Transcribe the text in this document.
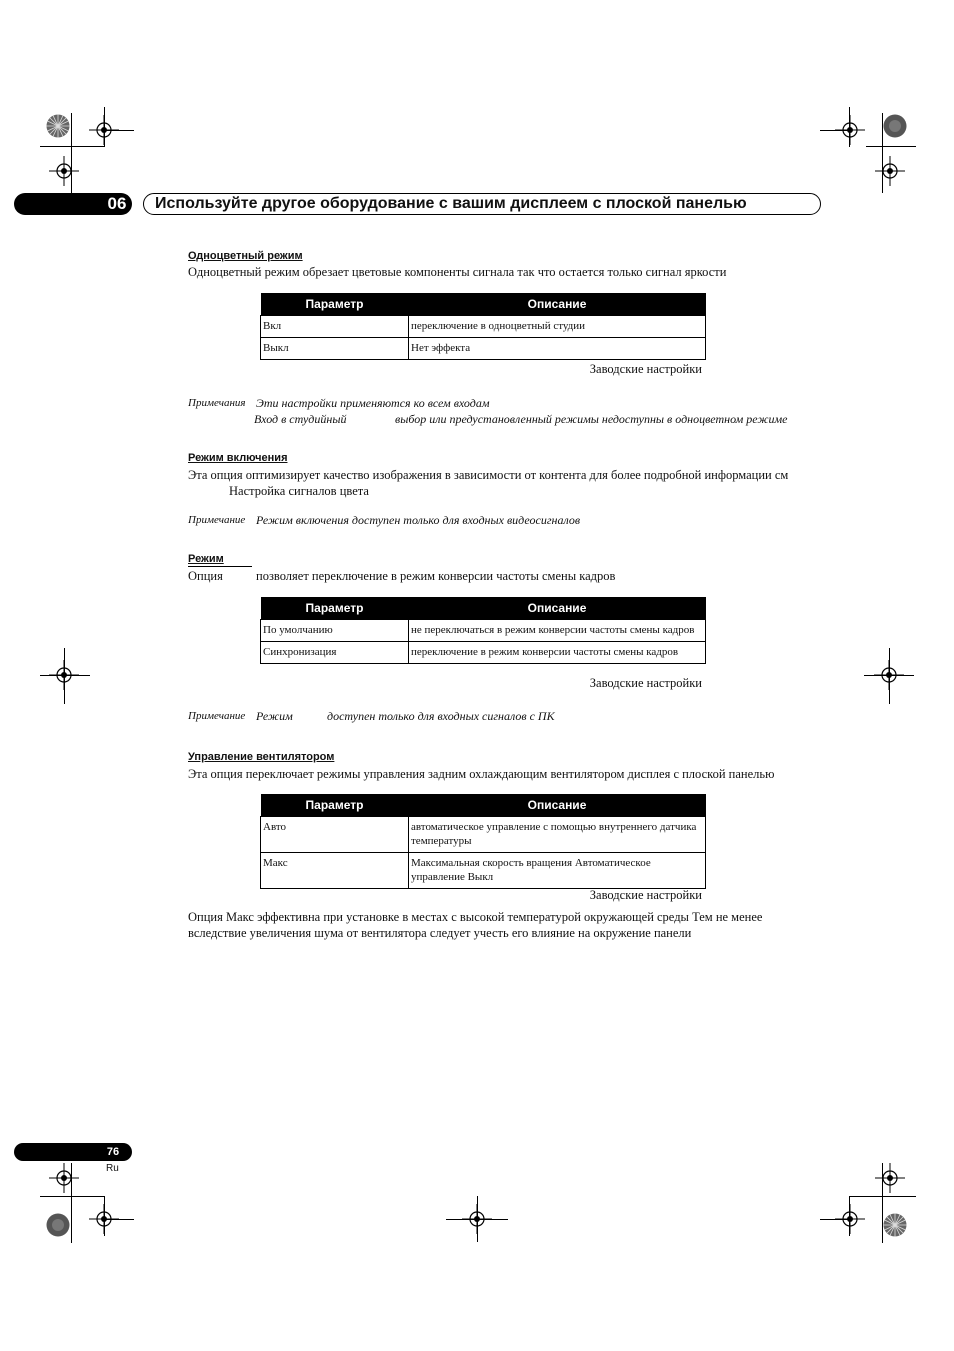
06	Используйте другое оборудование с вашим дисплеем с плоской панелью
Одноцветный режим
Одноцветный режим обрезает цветовые компоненты сигнала так что остается только сигнал яркости
Параметр	Описание
Вкл	переключение в одноцветный студии
Выкл	Нет эффекта
Заводские настройки
Примечания Эти настройки применяются ко всем входам
Вход в студийный	выбор или предустановленный режимы недоступны в одноцветном режиме
Режим включения
Эта опция оптимизирует качество изображения в зависимости от контента для более подробной информации см
Настройка сигналов цвета
Примечание Режим включения доступен только для входных видеосигналов
Режим
Опция	позволяет переключение в режим конверсии частоты смены кадров
Параметр	Описание
По умолчанию	не переключаться в режим конверсии частоты смены кадров
Синхронизация	переключение в режим конверсии частоты смены кадров
Заводские настройки
Примечание Режим	доступен только для входных сигналов с ПК
Управление вентилятором
Эта опция переключает режимы управления задним охлаждающим вентилятором дисплея с плоской панелью
Параметр	Описание
Авто	автоматическое управление с помощью внутреннего датчика температуры
Макс	Максимальная скорость вращения Автоматическое управление Выкл
Заводские настройки
Опция Макс эффективна при установке в местах с высокой температурой окружающей среды Тем не менее
вследствие увеличения шума от вентилятора следует учесть его влияние на окружение панели
76
Ru
